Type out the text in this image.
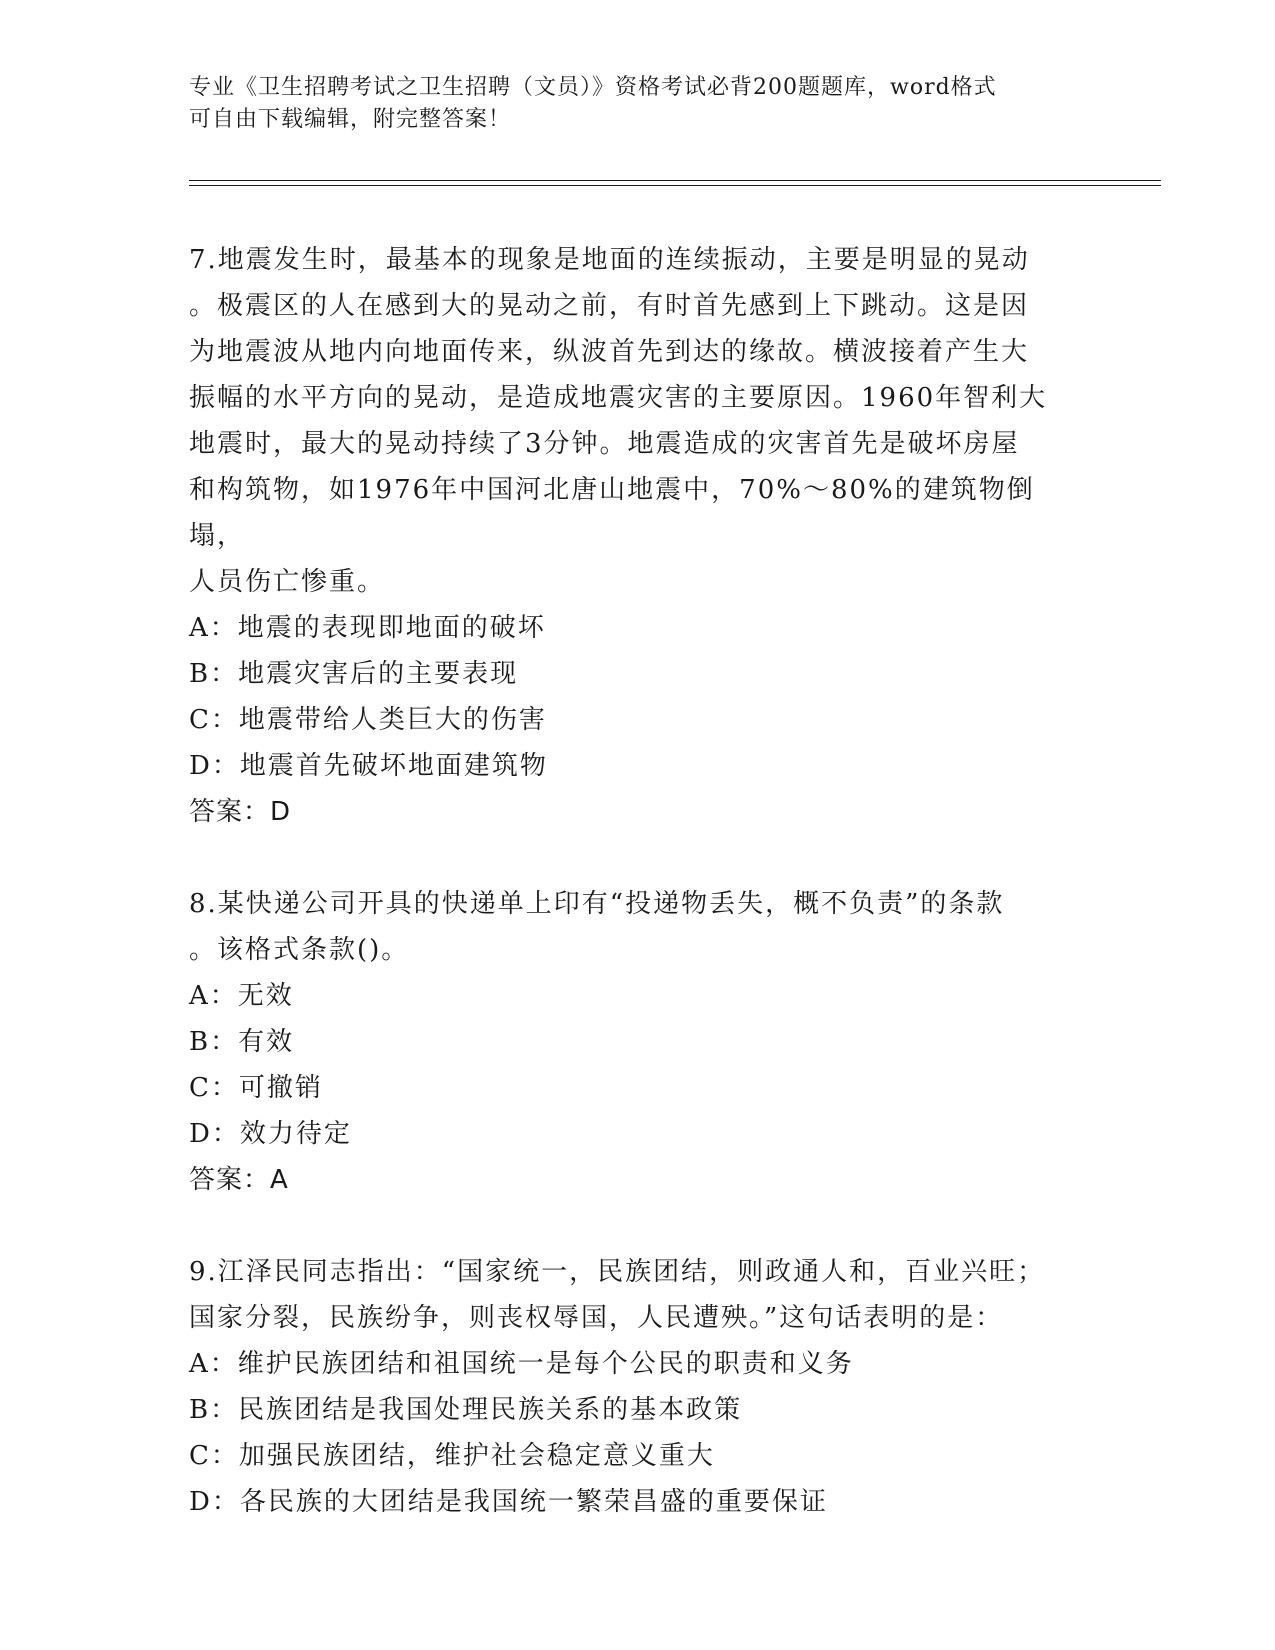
专业《卫生招聘考试之卫生招聘（文员）》资格考试必背200题题库，word格式
可自由下载编辑，附完整答案！

7.地震发生时，最基本的现象是地面的连续振动，主要是明显的晃动

。极震区的人在感到大的晃动之前，有时首先感到上下跳动。这是因

为地震波从地内向地面传来，纵波首先到达的缘故。横波接着产生大

振幅的水平方向的晃动，是造成地震灾害的主要原因。1960年智利大

地震时，最大的晃动持续了3分钟。地震造成的灾害首先是破坏房屋

和构筑物，如1976年中国河北唐山地震中，70%～80%的建筑物倒塌，

人员伤亡惨重。

A：地震的表现即地面的破坏

B：地震灾害后的主要表现

C：地震带给人类巨大的伤害

D：地震首先破坏地面建筑物

答案：D

8.某快递公司开具的快递单上印有“投递物丢失，概不负责”的条款

。该格式条款()。

A：无效

B：有效

C：可撤销

D：效力待定

答案：A

9.江泽民同志指出：“国家统一，民族团结，则政通人和，百业兴旺；

国家分裂，民族纷争，则丧权辱国，人民遭殃。”这句话表明的是：

A：维护民族团结和祖国统一是每个公民的职责和义务

B：民族团结是我国处理民族关系的基本政策

C：加强民族团结，维护社会稳定意义重大

D：各民族的大团结是我国统一繁荣昌盛的重要保证
